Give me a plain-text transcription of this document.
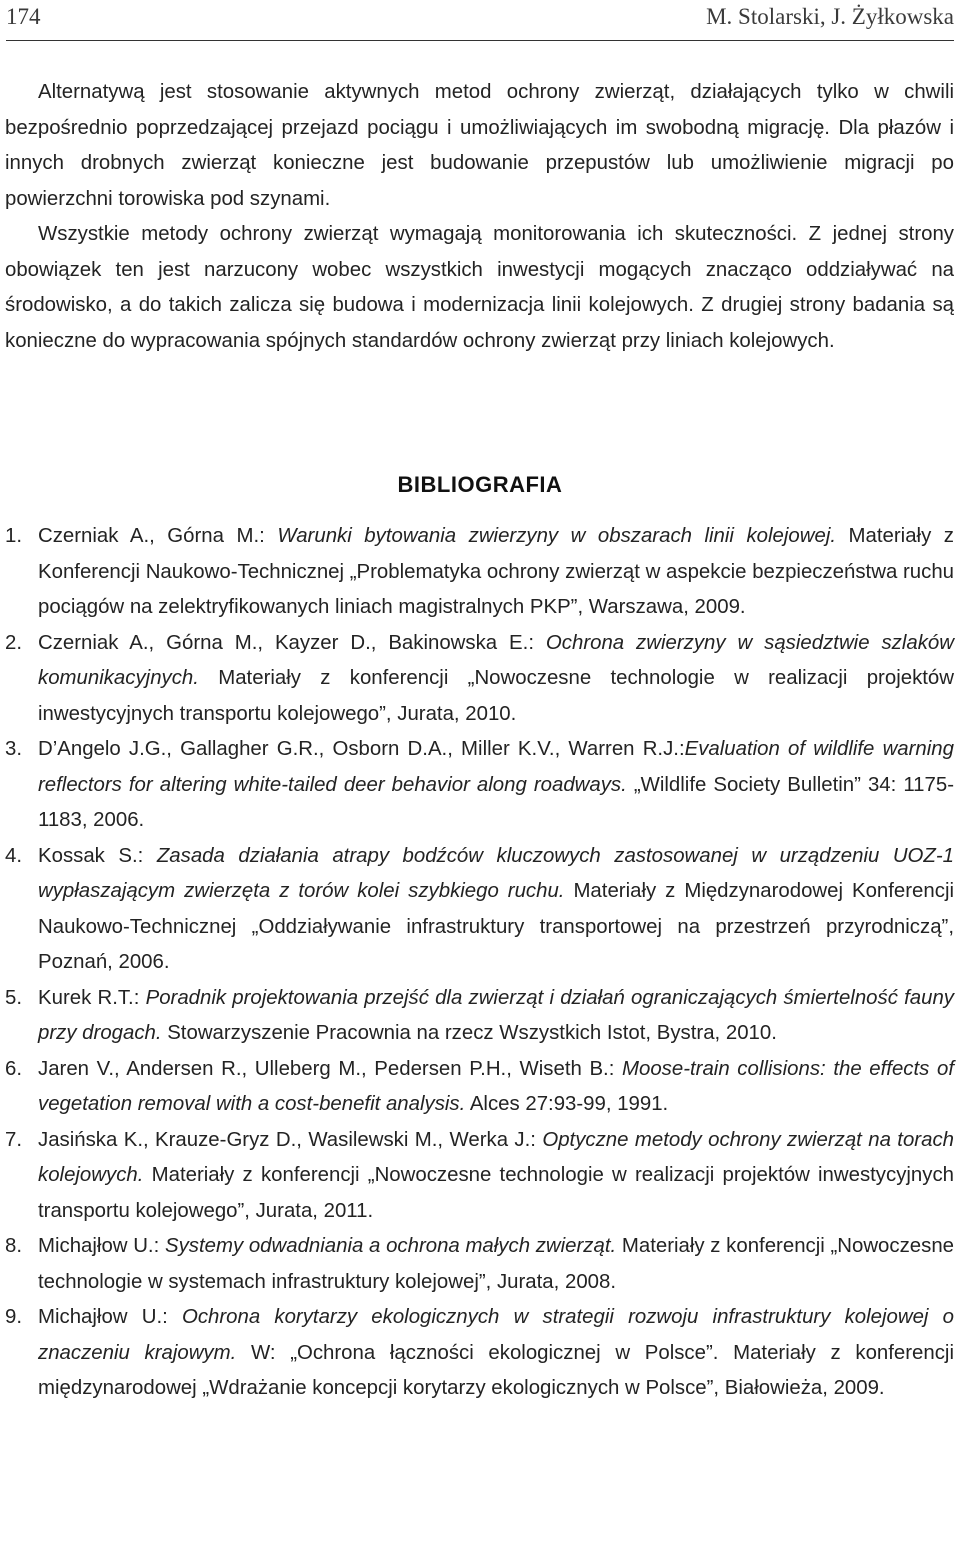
174	M. Stolarski, J. Żyłkowska

Alternatywą jest stosowanie aktywnych metod ochrony zwierząt, działających tylko w chwili bezpośrednio poprzedzającej przejazd pociągu i umożliwiających im swobodną migrację. Dla płazów i innych drobnych zwierząt konieczne jest budowanie przepustów lub umożliwienie migracji po powierzchni torowiska pod szynami.

Wszystkie metody ochrony zwierząt wymagają monitorowania ich skuteczności. Z jednej strony obowiązek ten jest narzucony wobec wszystkich inwestycji mogących znacząco oddziaływać na środowisko, a do takich zalicza się budowa i modernizacja linii kolejowych. Z drugiej strony badania są konieczne do wypracowania spójnych standardów ochrony zwierząt przy liniach kolejowych.

BIBLIOGRAFIA
1. Czerniak A., Górna M.: Warunki bytowania zwierzyny w obszarach linii kolejowej. Materiały z Konferencji Naukowo-Technicznej „Problematyka ochrony zwierząt w aspekcie bezpieczeństwa ruchu pociągów na zelektryfikowanych liniach magistralnych PKP”, Warszawa, 2009.
2. Czerniak A., Górna M., Kayzer D., Bakinowska E.: Ochrona zwierzyny w sąsiedztwie szlaków komunikacyjnych. Materiały z konferencji „Nowoczesne technologie w realizacji projektów inwestycyjnych transportu kolejowego”, Jurata, 2010.
3. D’Angelo J.G., Gallagher G.R., Osborn D.A., Miller K.V., Warren R.J.:Evaluation of wildlife warning reflectors for altering white-tailed deer behavior along roadways. „Wildlife Society Bulletin” 34: 1175-1183, 2006.
4. Kossak S.: Zasada działania atrapy bodźców kluczowych zastosowanej w urządzeniu UOZ-1 wypłaszającym zwierzęta z torów kolei szybkiego ruchu. Materiały z Międzynarodowej Konferencji Naukowo-Technicznej „Oddziaływanie infrastruktury transportowej na przestrzeń przyrodniczą”, Poznań, 2006.
5. Kurek R.T.: Poradnik projektowania przejść dla zwierząt i działań ograniczających śmiertelność fauny przy drogach. Stowarzyszenie Pracownia na rzecz Wszystkich Istot, Bystra, 2010.
6. Jaren V., Andersen R., Ulleberg M., Pedersen P.H., Wiseth B.: Moose-train collisions: the effects of vegetation removal with a cost-benefit analysis. Alces 27:93-99, 1991.
7. Jasińska K., Krauze-Gryz D., Wasilewski M., Werka J.: Optyczne metody ochrony zwierząt na torach kolejowych. Materiały z konferencji „Nowoczesne technologie w realizacji projektów inwestycyjnych transportu kolejowego”, Jurata, 2011.
8. Michajłow U.: Systemy odwadniania a ochrona małych zwierząt. Materiały z konferencji „Nowoczesne technologie w systemach infrastruktury kolejowej”, Jurata, 2008.
9. Michajłow U.: Ochrona korytarzy ekologicznych w strategii rozwoju infrastruktury kolejowej o znaczeniu krajowym. W: „Ochrona łączności ekologicznej w Polsce”. Materiały z konferencji międzynarodowej „Wdrażanie koncepcji korytarzy ekologicznych w Polsce”, Białowieża, 2009.
